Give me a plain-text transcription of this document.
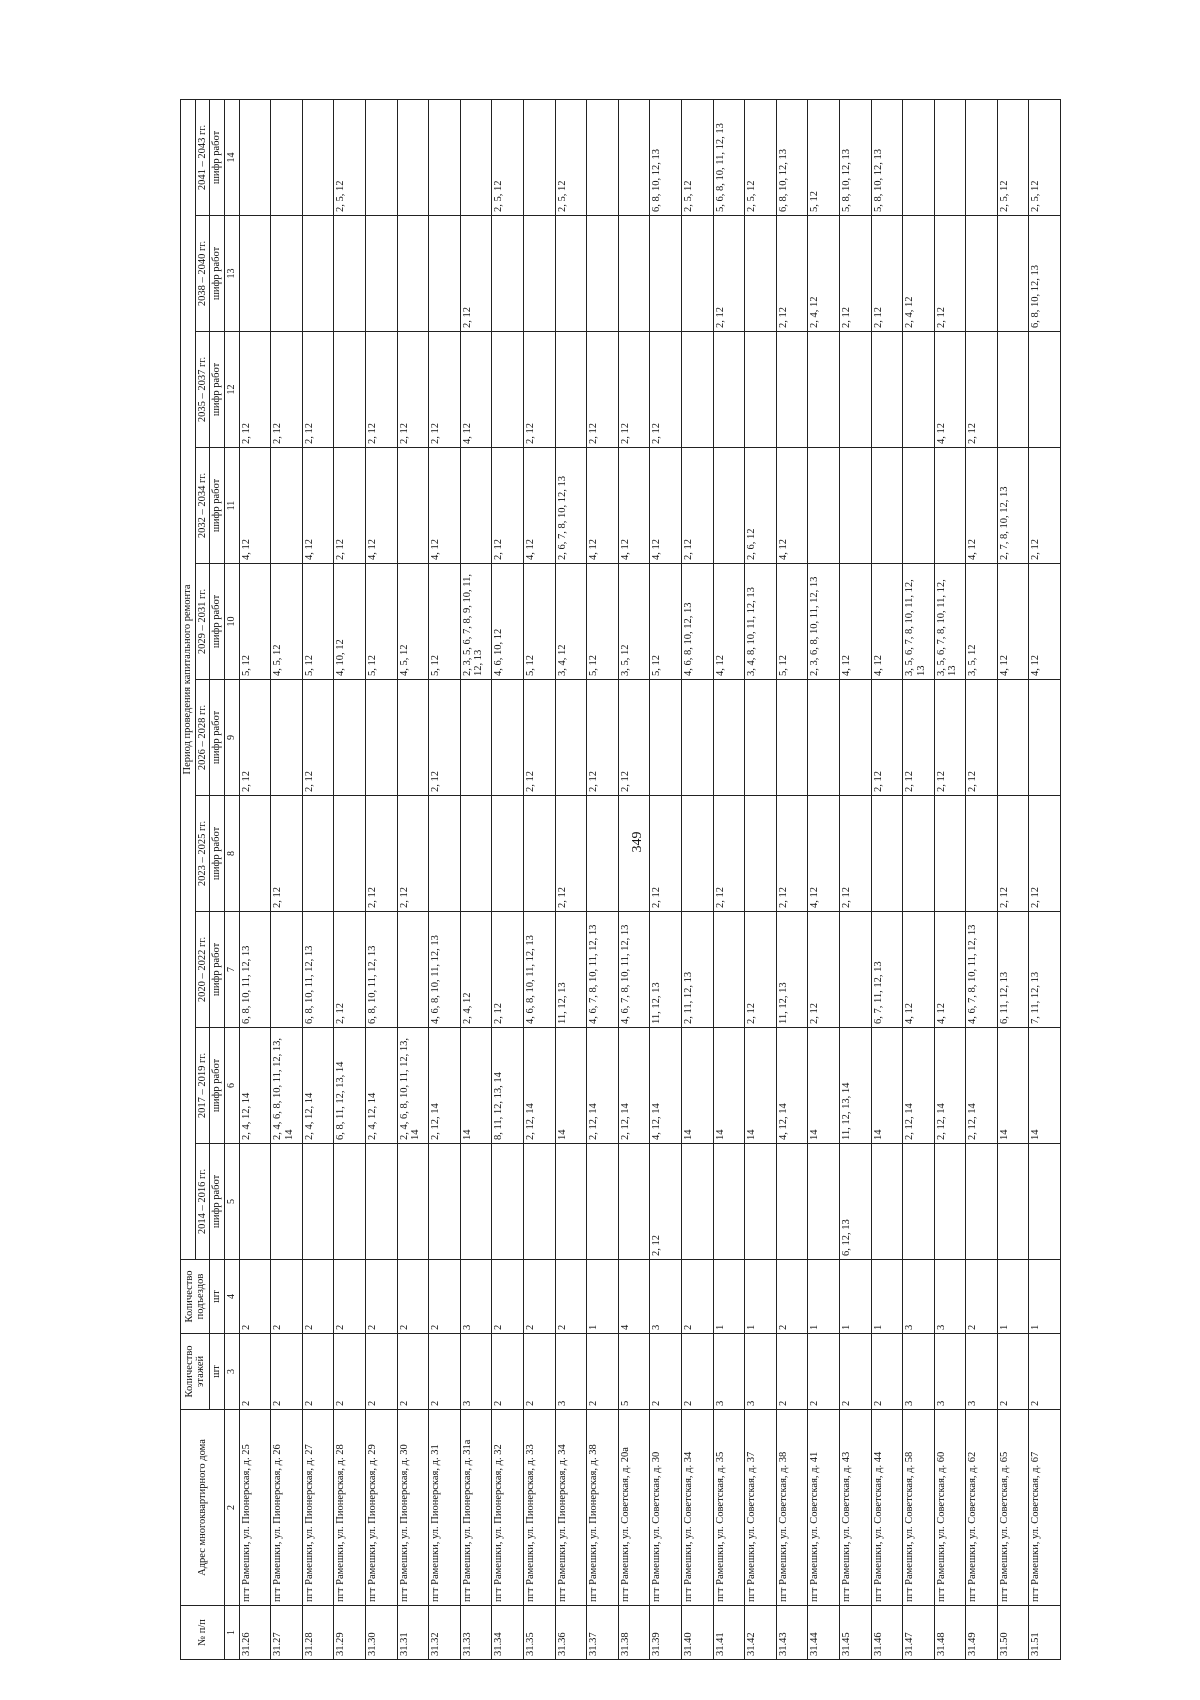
349
№ п/п	Адрес многоквартирного дома	Количество этажей	Количество подъездов	Период проведения капитального ремонта									
				2014 – 2016 гг.	2017 – 2019 гг.	2020 – 2022 гг.	2023 – 2025 гг.	2026 – 2028 гг.	2029 – 2031 гг.	2032 – 2034 гг.	2035 – 2037 гг.	2038 – 2040 гг.	2041 – 2043 гг.
		шт	шт	шифр работ	шифр работ	шифр работ	шифр работ	шифр работ	шифр работ	шифр работ	шифр работ	шифр работ	шифр работ
1	2	3	4	5	6	7	8	9	10	11	12	13	14
31.26	пгт Рамешки, ул. Пионерская, д. 25	2	2		2, 4, 12, 14	6, 8, 10, 11, 12, 13		2, 12	5, 12	4, 12	2, 12		
31.27	пгт Рамешки, ул. Пионерская, д. 26	2	2		2, 4, 6, 8, 10, 11, 12, 13, 14		2, 12		4, 5, 12		2, 12		
31.28	пгт Рамешки, ул. Пионерская, д. 27	2	2		2, 4, 12, 14	6, 8, 10, 11, 12, 13		2, 12	5, 12	4, 12	2, 12		
31.29	пгт Рамешки, ул. Пионерская, д. 28	2	2		6, 8, 11, 12, 13, 14	2, 12			4, 10, 12	2, 12			2, 5, 12
31.30	пгт Рамешки, ул. Пионерская, д. 29	2	2		2, 4, 12, 14	6, 8, 10, 11, 12, 13	2, 12		5, 12	4, 12	2, 12		
31.31	пгт Рамешки, ул. Пионерская, д. 30	2	2		2, 4, 6, 8, 10, 11, 12, 13, 14		2, 12		4, 5, 12		2, 12		
31.32	пгт Рамешки, ул. Пионерская, д. 31	2	2		2, 12, 14	4, 6, 8, 10, 11, 12, 13		2, 12	5, 12	4, 12	2, 12		
31.33	пгт Рамешки, ул. Пионерская, д. 31а	3	3		14	2, 4, 12			2, 3, 5, 6, 7, 8, 9, 10, 11, 12, 13		4, 12	2, 12	
31.34	пгт Рамешки, ул. Пионерская, д. 32	2	2		8, 11, 12, 13, 14	2, 12			4, 6, 10, 12	2, 12			2, 5, 12
31.35	пгт Рамешки, ул. Пионерская, д. 33	2	2		2, 12, 14	4, 6, 8, 10, 11, 12, 13		2, 12	5, 12	4, 12	2, 12		
31.36	пгт Рамешки, ул. Пионерская, д. 34	3	2		14	11, 12, 13	2, 12		3, 4, 12	2, 6, 7, 8, 10, 12, 13			2, 5, 12
31.37	пгт Рамешки, ул. Пионерская, д. 38	2	1		2, 12, 14	4, 6, 7, 8, 10, 11, 12, 13		2, 12	5, 12	4, 12	2, 12		
31.38	пгт Рамешки, ул. Советская, д. 20а	5	4		2, 12, 14	4, 6, 7, 8, 10, 11, 12, 13		2, 12	3, 5, 12	4, 12	2, 12		
31.39	пгт Рамешки, ул. Советская, д. 30	2	3	2, 12	4, 12, 14	11, 12, 13	2, 12		5, 12	4, 12	2, 12		6, 8, 10, 12, 13
31.40	пгт Рамешки, ул. Советская, д. 34	2	2		14	2, 11, 12, 13			4, 6, 8, 10, 12, 13	2, 12			2, 5, 12
31.41	пгт Рамешки, ул. Советская, д. 35	3	1		14		2, 12		4, 12			2, 12	5, 6, 8, 10, 11, 12, 13
31.42	пгт Рамешки, ул. Советская, д. 37	3	1		14	2, 12			3, 4, 8, 10, 11, 12, 13	2, 6, 12			2, 5, 12
31.43	пгт Рамешки, ул. Советская, д. 38	2	2		4, 12, 14	11, 12, 13	2, 12		5, 12	4, 12		2, 12	6, 8, 10, 12, 13
31.44	пгт Рамешки, ул. Советская, д. 41	2	1		14	2, 12	4, 12		2, 3, 6, 8, 10, 11, 12, 13			2, 4, 12	5, 12
31.45	пгт Рамешки, ул. Советская, д. 43	2	1	6, 12, 13	11, 12, 13, 14		2, 12		4, 12			2, 12	5, 8, 10, 12, 13
31.46	пгт Рамешки, ул. Советская, д. 44	2	1		14	6, 7, 11, 12, 13		2, 12	4, 12			2, 12	5, 8, 10, 12, 13
31.47	пгт Рамешки, ул. Советская, д. 58	3	3		2, 12, 14	4, 12		2, 12	3, 5, 6, 7, 8, 10, 11, 12, 13			2, 4, 12	
31.48	пгт Рамешки, ул. Советская, д. 60	3	3		2, 12, 14	4, 12		2, 12	3, 5, 6, 7, 8, 10, 11, 12, 13		4, 12	2, 12	
31.49	пгт Рамешки, ул. Советская, д. 62	3	2		2, 12, 14	4, 6, 7, 8, 10, 11, 12, 13		2, 12	3, 5, 12	4, 12	2, 12		
31.50	пгт Рамешки, ул. Советская, д. 65	2	1		14	6, 11, 12, 13	2, 12		4, 12	2, 7, 8, 10, 12, 13			2, 5, 12
31.51	пгт Рамешки, ул. Советская, д. 67	2	1		14	7, 11, 12, 13	2, 12		4, 12	2, 12		6, 8, 10, 12, 13	2, 5, 12
